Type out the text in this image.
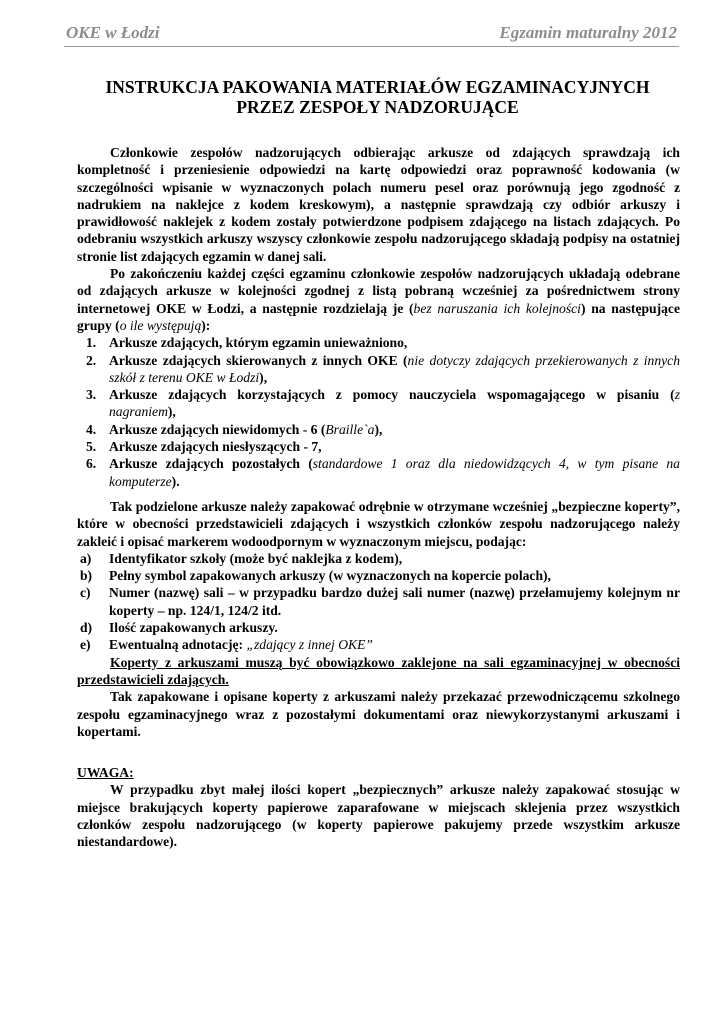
OKE w Łodzi	Egzamin maturalny 2012
INSTRUKCJA PAKOWANIA MATERIAŁÓW EGZAMINACYJNYCH
PRZEZ ZESPOŁY NADZORUJĄCE

Członkowie zespołów nadzorujących odbierając arkusze od zdających sprawdzają ich kompletność i przeniesienie odpowiedzi na kartę odpowiedzi oraz poprawność kodowania (w szczególności wpisanie w wyznaczonych polach numeru pesel oraz porównują jego zgodność z nadrukiem na naklejce z kodem kreskowym), a następnie sprawdzają czy odbiór arkuszy i prawidłowość naklejek z kodem zostały potwierdzone podpisem zdającego na listach zdających. Po odebraniu wszystkich arkuszy wszyscy członkowie zespołu nadzorującego składają podpisy na ostatniej stronie list zdających egzamin w danej sali.

Po zakończeniu każdej części egzaminu członkowie zespołów nadzorujących układają odebrane od zdających arkusze w kolejności zgodnej z listą pobraną wcześniej za pośrednictwem strony internetowej OKE w Łodzi, a następnie rozdzielają je (bez naruszania ich kolejności) na następujące grupy (o ile występują):

1. Arkusze zdających, którym egzamin unieważniono,
2. Arkusze zdających skierowanych z innych OKE (nie dotyczy zdających przekierowanych z innych szkół z terenu OKE w Łodzi),
3. Arkusze zdających korzystających z pomocy nauczyciela wspomagającego w pisaniu (z nagraniem),
4. Arkusze zdających niewidomych - 6 (Braille`a),
5. Arkusze zdających niesłyszących - 7,
6. Arkusze zdających pozostałych (standardowe 1 oraz dla niedowidzących 4, w tym pisane na komputerze).

Tak podzielone arkusze należy zapakować odrębnie w otrzymane wcześniej „bezpieczne koperty”, które w obecności przedstawicieli zdających i wszystkich członków zespołu nadzorującego należy zakleić i opisać markerem wodoodpornym w wyznaczonym miejscu, podając:

a) Identyfikator szkoły (może być naklejka z kodem),
b) Pełny symbol zapakowanych arkuszy (w wyznaczonych na kopercie polach),
c) Numer (nazwę) sali – w przypadku bardzo dużej sali numer (nazwę) przełamujemy kolejnym nr koperty – np. 124/1, 124/2 itd.
d) Ilość zapakowanych arkuszy.
e) Ewentualną adnotację: „zdający z innej OKE”

Koperty z arkuszami muszą być obowiązkowo zaklejone na sali egzaminacyjnej w obecności przedstawicieli zdających.

Tak zapakowane i opisane koperty z arkuszami należy przekazać przewodniczącemu szkolnego zespołu egzaminacyjnego wraz z pozostałymi dokumentami oraz niewykorzystanymi arkuszami i kopertami.

UWAGA:

W przypadku zbyt małej ilości kopert „bezpiecznych” arkusze należy zapakować stosując w miejsce brakujących koperty papierowe zaparafowane w miejscach sklejenia przez wszystkich członków zespołu nadzorującego (w koperty papierowe pakujemy przede wszystkim arkusze niestandardowe).
